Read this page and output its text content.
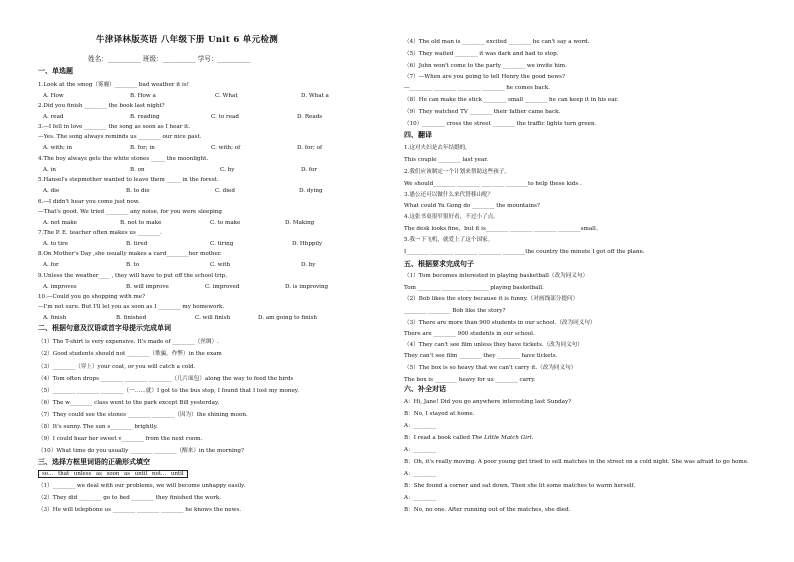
牛津译林版英语 八年级下册 Unit 6 单元检测
姓名：__________ 班级：__________ 学号：__________
一、单选题
1.Look at the smog（雾霾）________ bad weather it is!
A. How	B. How a	C. What	D. What a
2.Did you finish ________ the book last night?
A. read	B. reading	C. to read	D. Reads
3.—I fell in love ________ the song as soon as I hear it.
—Yes. The song always reminds us ________ our nice past.
A. with; in	B. for; in	C. with; of	D. for; of
4.The boy always gets the white stones _____ the moonlight.
A. in	B. on	C. by	D. for
5.Hansel's stepmother wanted to leave them _____ in the forest.
A. die	B. to die	C. died	D. dying
6.—I didn't hear you come just now.
—That's good. We tried ________ any noise, for you were sleeping
A. not make	B. not to make	C. to make	D. Making
7.The P. E. teacher often makes us ________.
A. to tire	B. tired	C. tiring	D. Hhppily
8.On Mother's Day ,she usually makes a card________her mother.
A. for	B. to	C. with	D. by
9.Unless the weather____ , they will have to put off the school trip。
A. improves	B. will improve	C. improved	D. is improving
10.—Could you go shopping with me?
—I'm not sure. But I'll let you as soon as I ________ my homework.
A. finish	B. finished	C. will finish	D. am going to finish
二、根据句意及汉语或首字母提示完成单词
（1）The T-shirt is very expensive. It's made of ________（丝绸）.
（2）Good students should not ________（欺骗，作弊）in the exam
（3）________（穿上）your coat, or you will catch a cold.
（4）Tom often drops ________ ________ ________（几片面包）along the way to feed the birds
（5）________ ________ ________（一……就）I got to the bus stop, I found that I lost my money.
（6）The w________ class went to the park except Bill yesterday.
（7）They could see the stones ________ ________（因为）the shining moon.
（8）It's sunny. The sun s________ brightly.
（9）I could hear her sweet v________ from the next room.
（10）What time do you usually ________ ________（醒来）in the morning?
三、选择方框里词语的正确形式填空
so… that unless as soon as until not… until
（1）________ we deal with our problems, we will become unhappy easily.
（2）They did ________ go to bed ________ they finished the work.
（3）He will telephone us ________ ________ ________ he knows the news.
（4）The old man is ________ excited ________ he can't say a word.
（5）They waited ________ it was dark and had to stop.
（6）John won't come to the party ________ we invite him.
（7）—When are you going to tell Henry the good news?
—________ ________ ________ ________ he comes back.
（8）He can make the stick ________ small ________ he can keep it in his ear.
（9）They watched TV ________ their father came back.
（10）________ cross the street ________ the traffic lights turn green.
四、翻译
1.这对夫妇是去年结婚的。
This couple ________ last year.
2.我们应该制定一个计划来帮助这些孩子。
We should________ ________ ________ ________to help these kids .
3.愚公还可以做什么来代替移山呢？
What could Yu Gong do ________ the mountains?
4.这张书桌很窄很好看，不过小了点。
The desk looks fine，but it is________ ________ ________ ________small。
5.我一下飞机，就爱上了这个国家。
I________ ________ ________ ________ ________the country the minute I got off the plane.
五、根据要求完成句子
（1）Tom becomes interested in playing basketball（改为同义句）
Tom ________ ________ ________ playing basketball.
（2）Bob likes the story because it is funny.（对画线部分提问）
________ ________ Bob like the story?
（3）There are more than 900 students in our school.（改为同义句）
There are ________ 900 students in our school.
（4）They can't see film unless they have tickets.（改为同义句）
They can't see film ________ they ________ have tickets.
（5）The box is so heavy that we can't carry it.（改为同义句）
The box is ________ heavy for us ________ carry.
六、补全对话
A：Hi, Jane! Did you go anywhere interesting last Sunday?
B：No, I stayed at home.
A：________
B：I read a book called The Little Match Girl.
A：________
B：Oh, it's really moving. A poor young girl tried to sell matches in the street on a cold night. She was afraid to go home.
A：________
B：She found a corner and sat down. Then she lit some matches to warm herself.
A：________
B：No, no one. After running out of the matches, she died.
